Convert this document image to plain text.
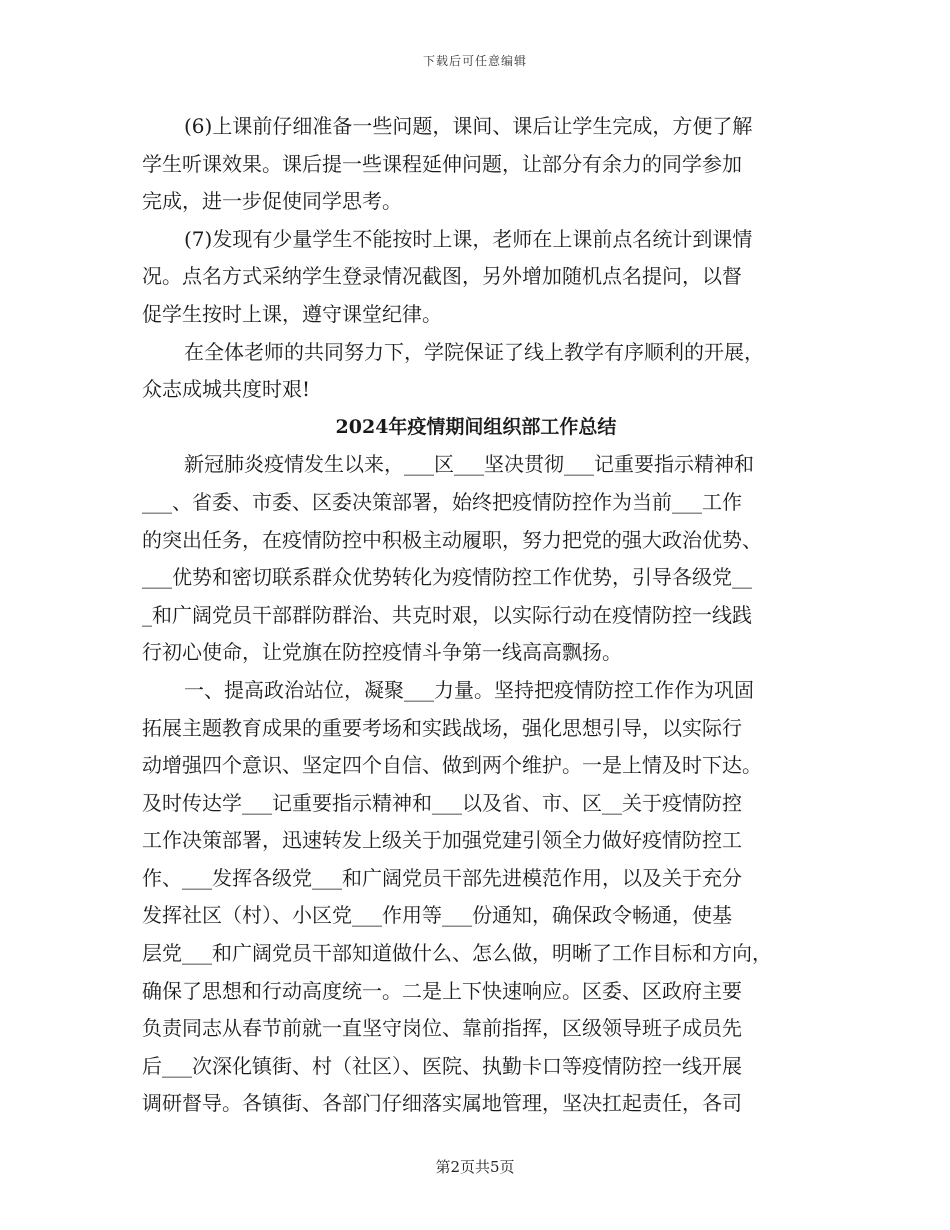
下载后可任意编辑
(6)上课前仔细准备一些问题，课间、课后让学生完成，方便了解
学生听课效果。课后提一些课程延伸问题，让部分有余力的同学参加
完成，进一步促使同学思考。
(7)发现有少量学生不能按时上课，老师在上课前点名统计到课情
况。点名方式采纳学生登录情况截图，另外增加随机点名提问，以督
促学生按时上课，遵守课堂纪律。
在全体老师的共同努力下，学院保证了线上教学有序顺利的开展，
众志成城共度时艰!
2024年疫情期间组织部工作总结
新冠肺炎疫情发生以来，___区___坚决贯彻___记重要指示精神和
___、省委、市委、区委决策部署，始终把疫情防控作为当前___工作
的突出任务，在疫情防控中积极主动履职，努力把党的强大政治优势、
___优势和密切联系群众优势转化为疫情防控工作优势，引导各级党__
_和广阔党员干部群防群治、共克时艰，以实际行动在疫情防控一线践
行初心使命，让党旗在防控疫情斗争第一线高高飘扬。
一、提高政治站位，凝聚___力量。坚持把疫情防控工作作为巩固
拓展主题教育成果的重要考场和实践战场，强化思想引导，以实际行
动增强四个意识、坚定四个自信、做到两个维护。一是上情及时下达。
及时传达学___记重要指示精神和___以及省、市、区__关于疫情防控
工作决策部署，迅速转发上级关于加强党建引领全力做好疫情防控工
作、___发挥各级党___和广阔党员干部先进模范作用，以及关于充分
发挥社区（村）、小区党___作用等___份通知，确保政令畅通，使基
层党___和广阔党员干部知道做什么、怎么做，明晰了工作目标和方向，
确保了思想和行动高度统一。二是上下快速响应。区委、区政府主要
负责同志从春节前就一直坚守岗位、靠前指挥，区级领导班子成员先
后___次深化镇街、村（社区）、医院、执勤卡口等疫情防控一线开展
调研督导。各镇街、各部门仔细落实属地管理，坚决扛起责任，各司
第2页共5页
